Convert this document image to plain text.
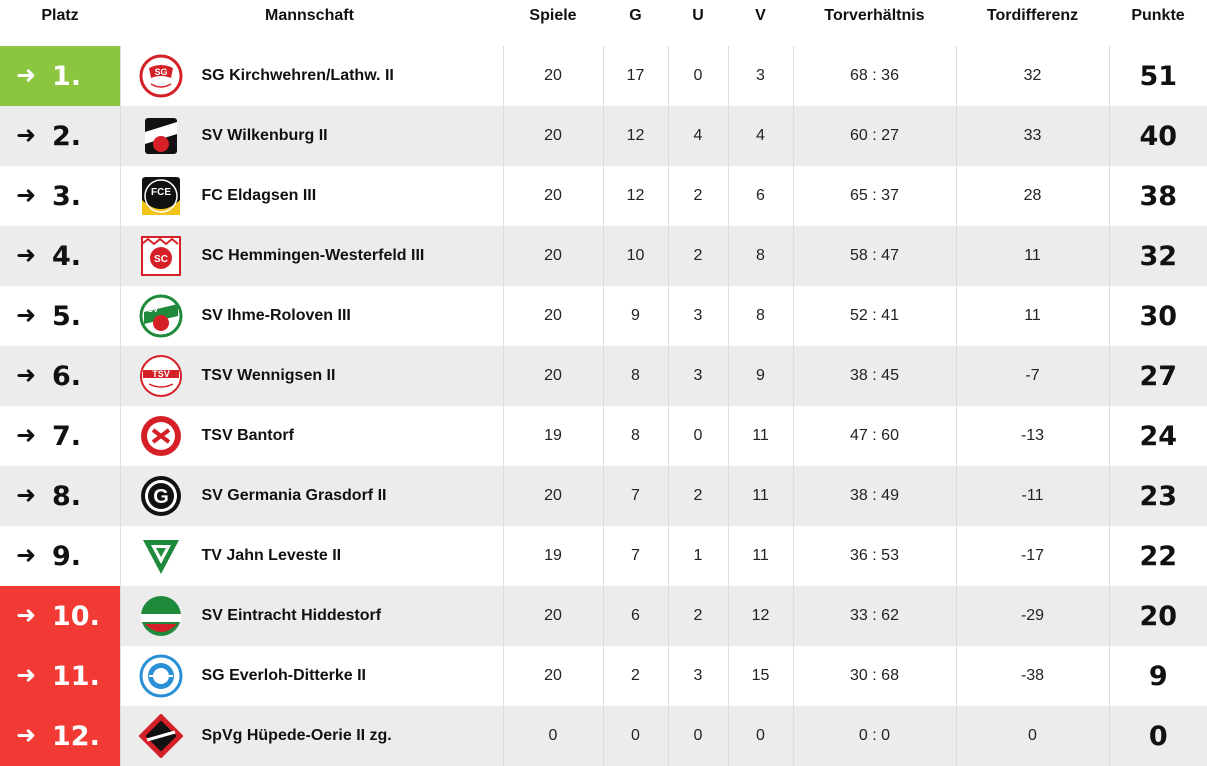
Platz	Mannschaft	Spiele	G	U	V	Torverhältnis	Tordifferenz	Punkte

➜ 1.	SG SG Kirchwehren/Lathw. II	20	17	0	3	68 : 36	32	51

➜ 2.	SV Wilkenburg II	20	12	4	4	60 : 27	33	40

➜ 3.	FCE FC Eldagsen III	20	12	2	6	65 : 37	28	38

➜ 4.	SC SC Hemmingen-Westerfeld III	20	10	2	8	58 : 47	11	32

➜ 5.	SV SV Ihme-Roloven III	20	9	3	8	52 : 41	11	30

➜ 6.	TSV TSV Wennigsen II	20	8	3	9	38 : 45	-7	27

➜ 7.	TSV Bantorf	19	8	0	11	47 : 60	-13	24

➜ 8.	G SV Germania Grasdorf II	20	7	2	11	38 : 49	-11	23

➜ 9.	TV Jahn Leveste II	19	7	1	11	36 : 53	-17	22

➜ 10.	SV Eintracht Hiddestorf	20	6	2	12	33 : 62	-29	20

➜ 11.	SG Everloh-Ditterke II	20	2	3	15	30 : 68	-38	9

➜ 12.	SpVg Hüpede-Oerie II zg.	0	0	0	0	0 : 0	0	0
